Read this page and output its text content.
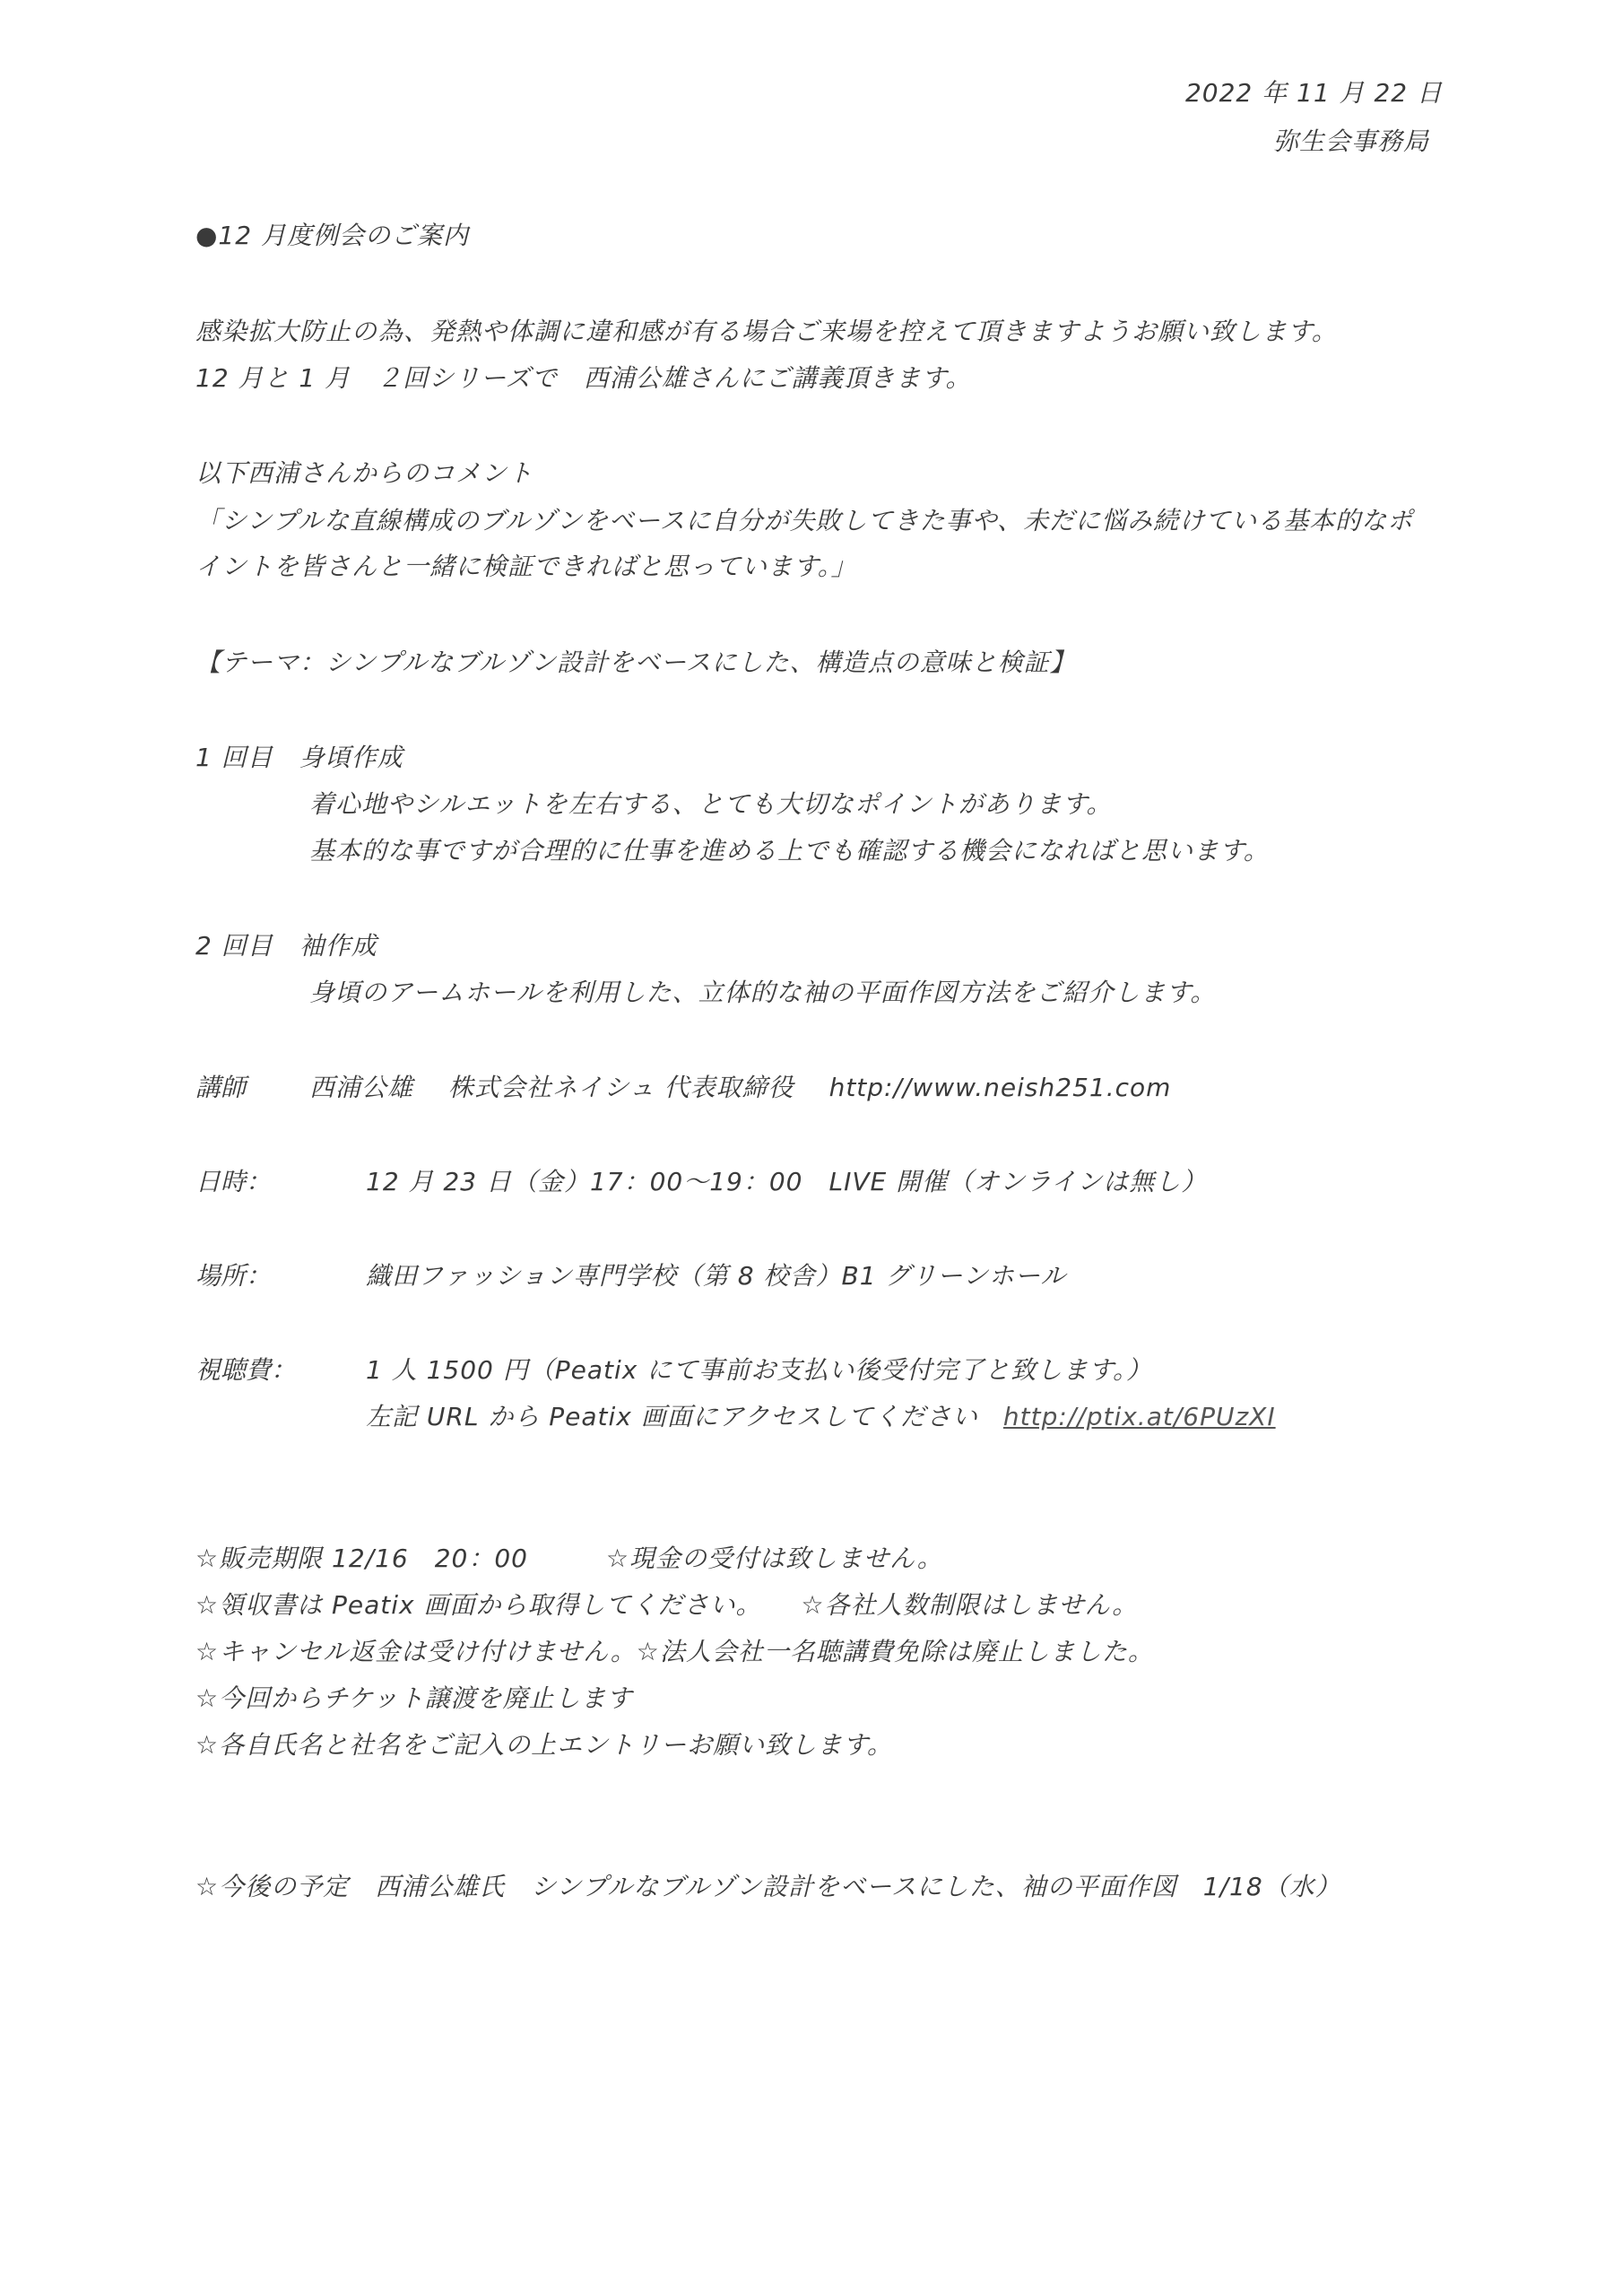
2022 年 11 月 22 日
弥生会事務局
●12 月度例会のご案内
感染拡大防止の為、発熱や体調に違和感が有る場合ご来場を控えて頂きますようお願い致します。
12 月と 1 月　２回シリーズで　西浦公雄さんにご講義頂きます。
以下西浦さんからのコメント
「シンプルな直線構成のブルゾンをベースに自分が失敗してきた事や、未だに悩み続けている基本的なポ
イントを皆さんと一緒に検証できればと思っています。」
【テーマ：シンプルなブルゾン設計をベースにした、構造点の意味と検証】
1 回目　身頃作成
着心地やシルエットを左右する、とても大切なポイントがあります。
基本的な事ですが合理的に仕事を進める上でも確認する機会になればと思います。
2 回目　袖作成
身頃のアームホールを利用した、立体的な袖の平面作図方法をご紹介します。
講師	西浦公雄　 株式会社ネイシュ 代表取締役　 http://www.neish251.com
日時：	12 月 23 日（金）17：00〜19：00　LIVE 開催（オンラインは無し）
場所：	織田ファッション専門学校（第 8 校舎）B1 グリーンホール
視聴費：	1 人 1500 円（Peatix にて事前お支払い後受付完了と致します。）
左記 URL から Peatix 画面にアクセスしてください http://ptix.at/6PUzXI
☆販売期限 12/16　20：00　　　☆現金の受付は致しません。
☆領収書は Peatix 画面から取得してください。　　☆各社人数制限はしません。
☆キャンセル返金は受け付けません。☆法人会社一名聴講費免除は廃止しました。
☆今回からチケット譲渡を廃止します
☆各自氏名と社名をご記入の上エントリーお願い致します。
☆今後の予定　西浦公雄氏　シンプルなブルゾン設計をベースにした、袖の平面作図　1/18（水）
